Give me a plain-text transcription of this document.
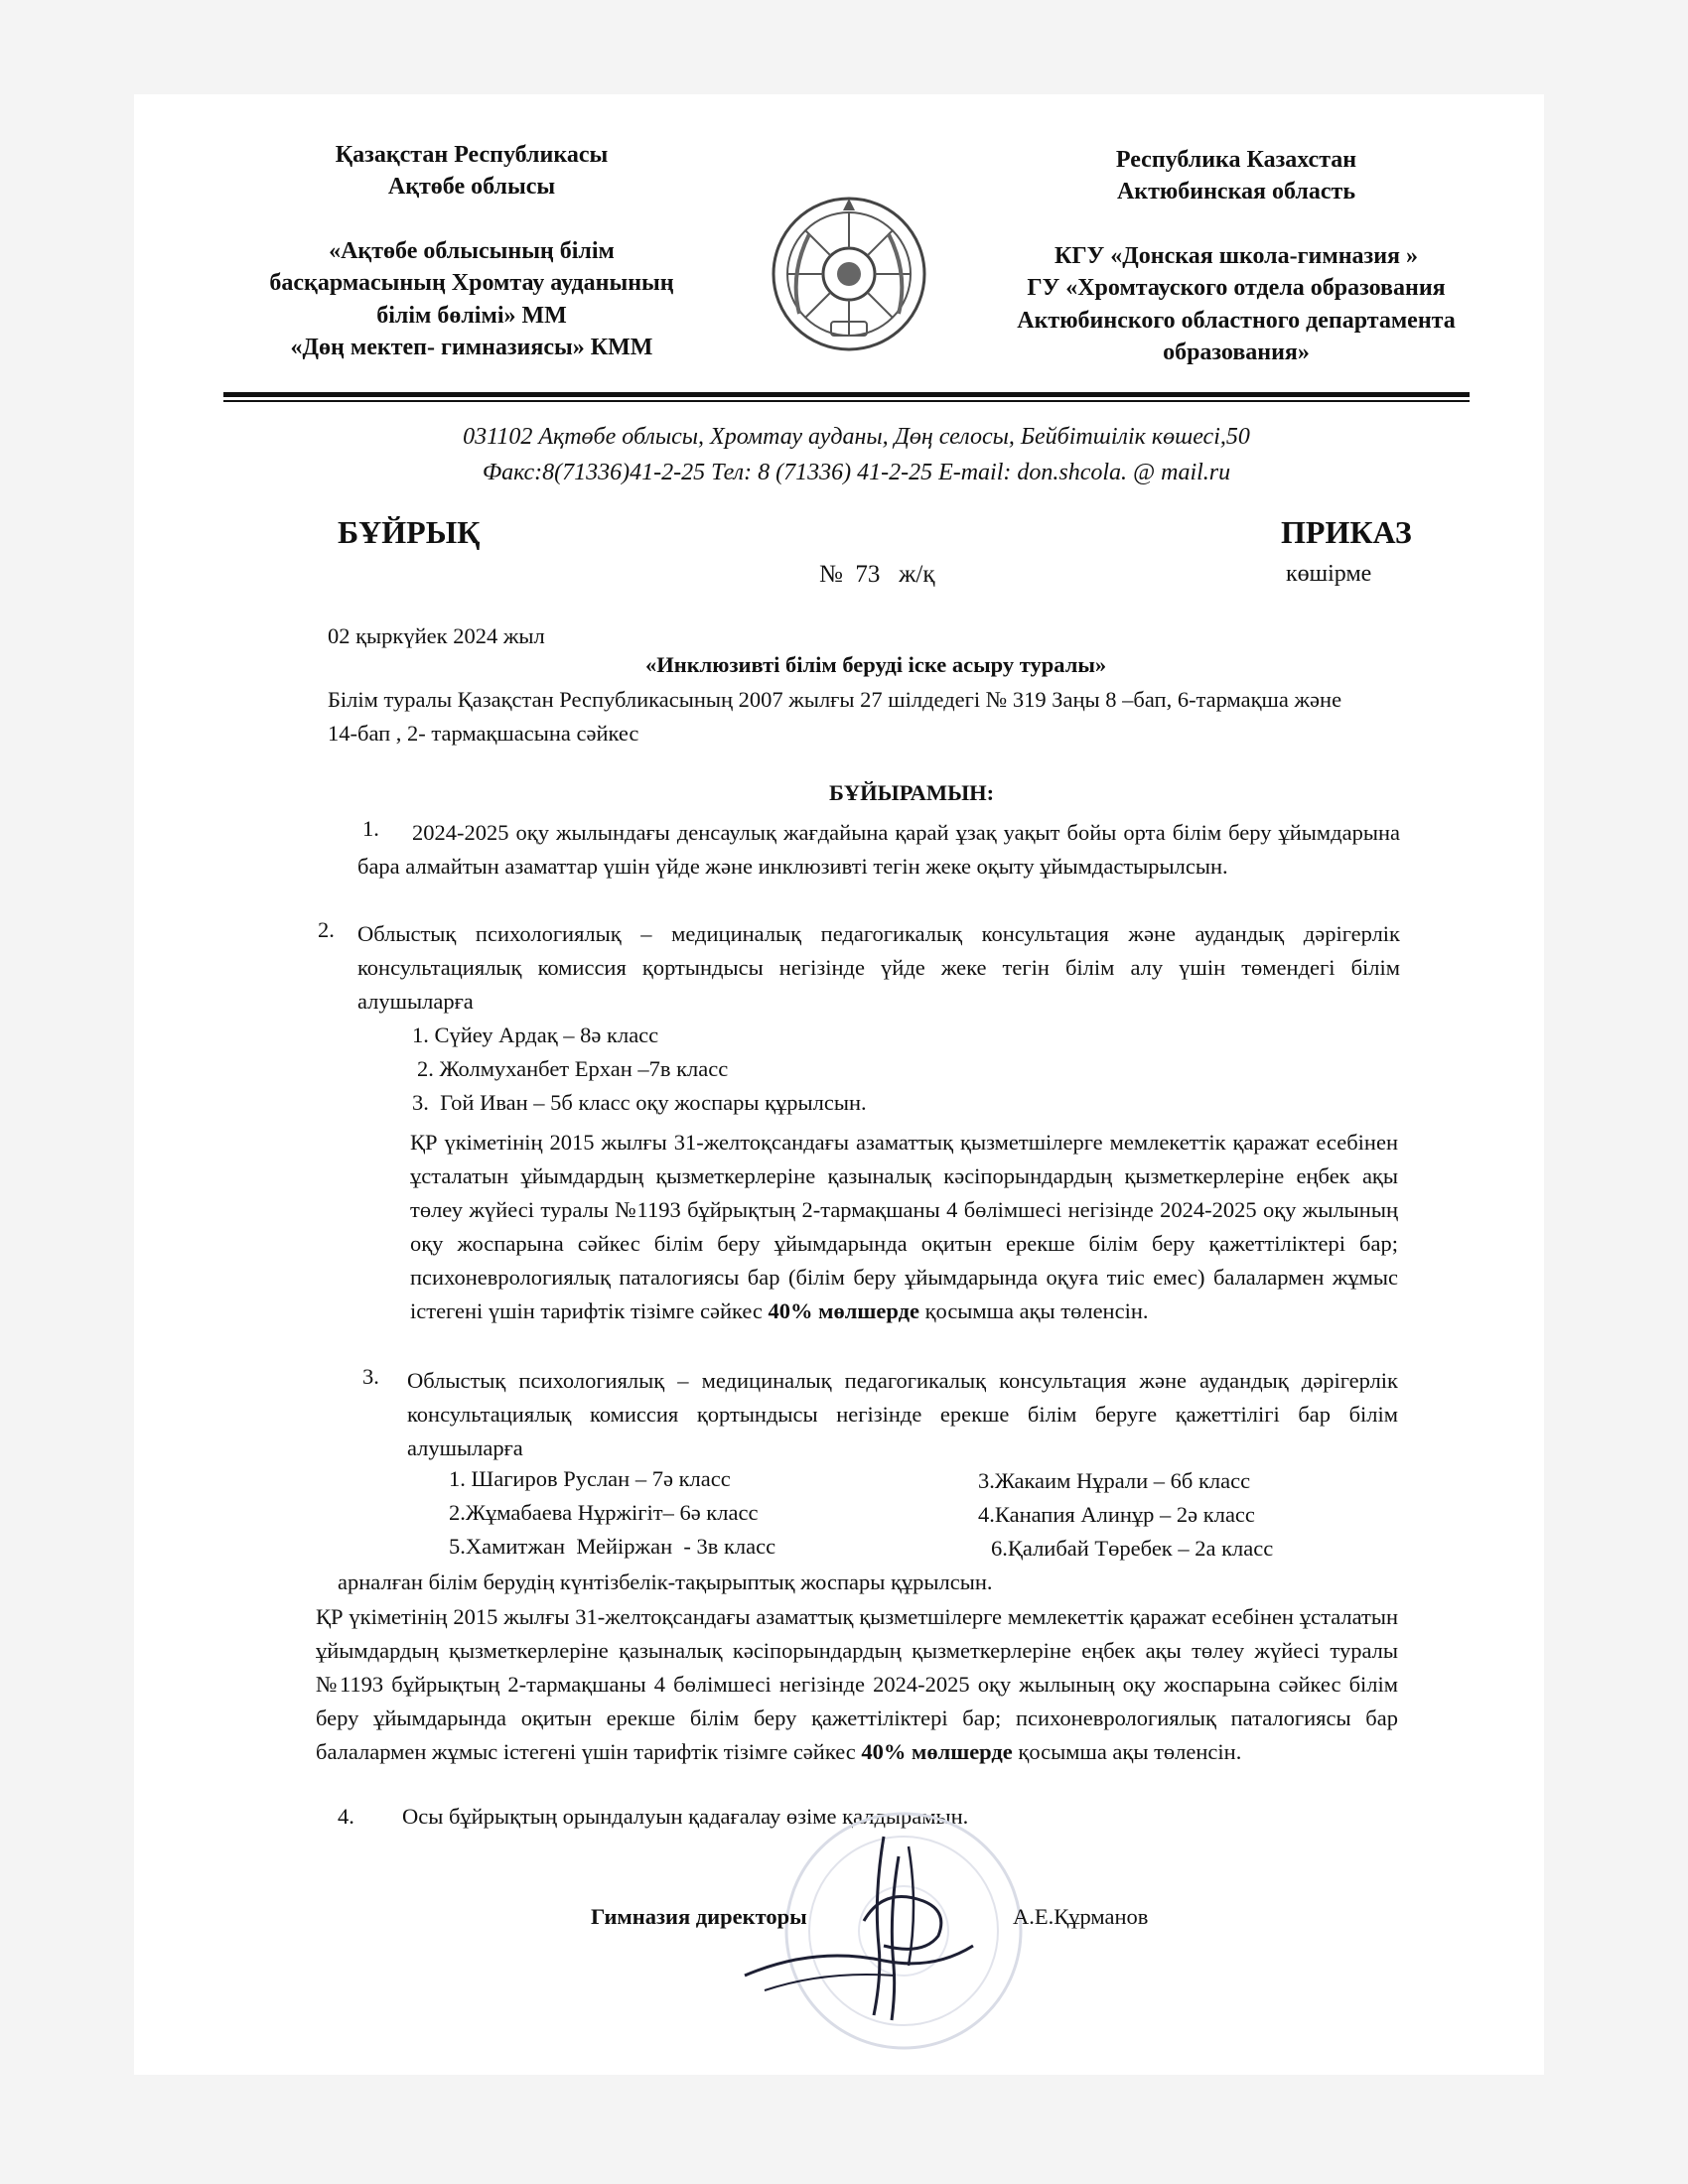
Қазақстан Республикасы

Ақтөбе облысы

«Ақтөбе облысының білім

басқармасының Хромтау ауданының

білім бөлімі» ММ

«Дөң мектеп- гимназиясы» КММ

Республика Казахстан

Актюбинская область

КГУ «Донская школа-гимназия »

ГУ «Хромтауского отдела образования

Актюбинского областного департамента

образования»

031102 Ақтөбе облысы, Хромтау ауданы, Дөң селосы, Бейбітшілік көшесі,50

Факс:8(71336)41-2-25 Тел: 8 (71336) 41-2-25 E-mail: don.shcola. @ mail.ru

БҰЙРЫҚ	ПРИКАЗ
№  73   ж/қ	көшірме
02 қыркүйек 2024 жыл
«Инклюзивті білім беруді іске асыру туралы»
Білім туралы Қазақстан Республикасының 2007 жылғы 27 шілдедегі № 319 Заңы 8 –бап, 6-тармақша және 14-бап , 2- тармақшасына сәйкес
БҰЙЫРАМЫН:
1.	2024-2025 оқу жылындағы денсаулық жағдайына қарай ұзақ уақыт бойы орта білім беру ұйымдарына бара алмайтын азаматтар үшін үйде және инклюзивті тегін жеке оқыту ұйымдастырылсын.
2. Облыстық психологиялық – медициналық педагогикалық консультация және аудандық дәрігерлік консультациялық комиссия қортындысы негізінде үйде жеке тегін білім алу үшін төмендегі білім алушыларға
1. Сүйеу Ардақ – 8ә класс
2. Жолмуханбет Ерхан –7в класс
3.  Гой Иван – 5б класс оқу жоспары құрылсын.
ҚР үкіметінің 2015 жылғы 31-желтоқсандағы азаматтық қызметшілерге мемлекеттік қаражат есебінен ұсталатын ұйымдардың қызметкерлеріне қазыналық кәсіпорындардың қызметкерлеріне еңбек ақы төлеу жүйесі туралы №1193 бұйрықтың 2-тармақшаны 4 бөлімшесі негізінде 2024-2025 оқу жылының оқу жоспарына сәйкес білім беру ұйымдарында оқитын ерекше білім беру қажеттіліктері бар; психоневрологиялық паталогиясы бар (білім беру ұйымдарында оқуға тиіс емес) балалармен жұмыс істегені үшін тарифтік тізімге сәйкес 40% мөлшерде қосымша ақы төленсін.
3. Облыстық психологиялық – медициналық педагогикалық консультация және аудандық дәрігерлік консультациялық комиссия қортындысы негізінде ерекше білім беруге қажеттілігі бар білім алушыларға
1. Шагиров Руслан – 7ә класс
2.Жұмабаева Нұржігіт– 6ә класс
5.Хамитжан  Мейіржан  - 3в класс
3.Жакаим Нұрали – 6б класс
4.Канапия Алинұр – 2ә класс
6.Қалибай Төребек – 2а класс
арналған білім берудің күнтізбелік-тақырыптық жоспары құрылсын.
ҚР үкіметінің 2015 жылғы 31-желтоқсандағы азаматтық қызметшілерге мемлекеттік қаражат есебінен ұсталатын ұйымдардың қызметкерлеріне қазыналық кәсіпорындардың қызметкерлеріне еңбек ақы төлеу жүйесі туралы №1193 бұйрықтың 2-тармақшаны 4 бөлімшесі негізінде 2024-2025 оқу жылының оқу жоспарына сәйкес білім беру ұйымдарында оқитын ерекше білім беру қажеттіліктері бар; психоневрологиялық паталогиясы бар балалармен жұмыс істегені үшін тарифтік тізімге сәйкес 40% мөлшерде қосымша ақы төленсін.
4. Осы бұйрықтың орындалуын қадағалау өзіме қалдырамын.
Гимназия директоры	А.Е.Құрманов
